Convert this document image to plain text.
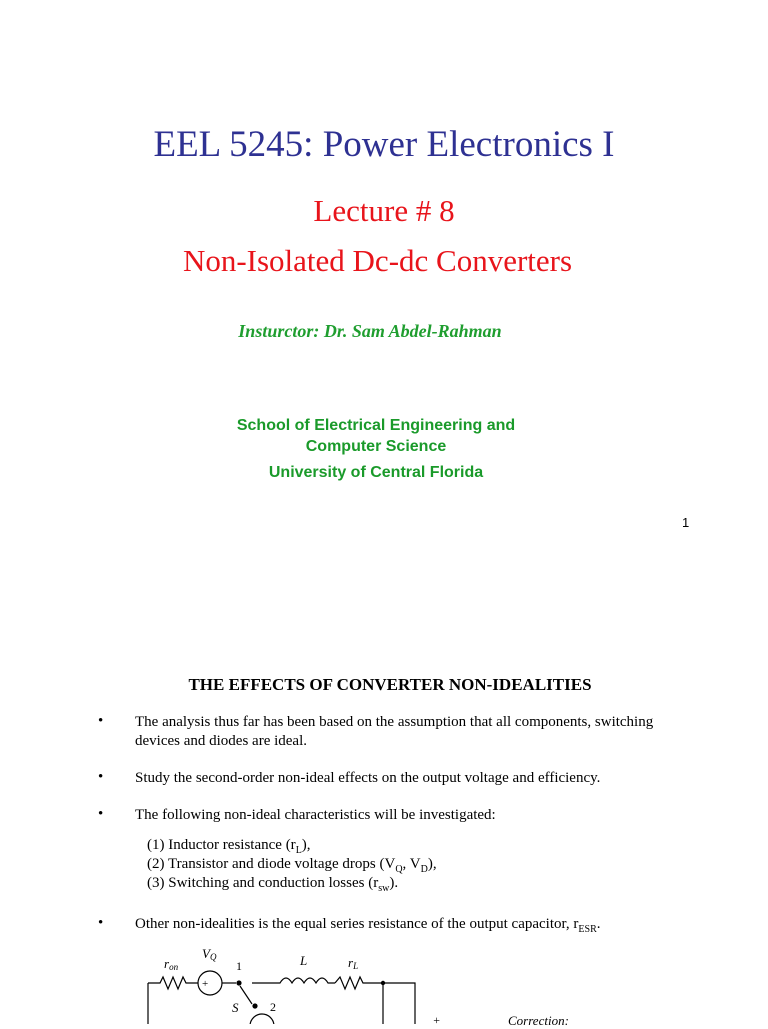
EEL 5245: Power Electronics I
Lecture # 8
Non-Isolated Dc-dc Converters
Insturctor: Dr. Sam Abdel-Rahman
School of Electrical Engineering and
Computer Science
University of Central Florida
1
THE EFFECTS OF CONVERTER NON-IDEALITIES
• The analysis thus far has been based on the assumption that all components, switching
devices and diodes are ideal.
• Study the second-order non-ideal effects on the output voltage and efficiency.
• The following non-ideal characteristics will be investigated:
(1) Inductor resistance $(r_L)$,
(2) Transistor and diode voltage drops ($V_Q$, $V_D$),
(3) Switching and conduction losses $(r_{sw})$.
• Other non-idealities is the equal series resistance of the output capacitor, $r_{ESR}$.
ron
VQ
1	L	rL
S	2
+
+
Correction:
